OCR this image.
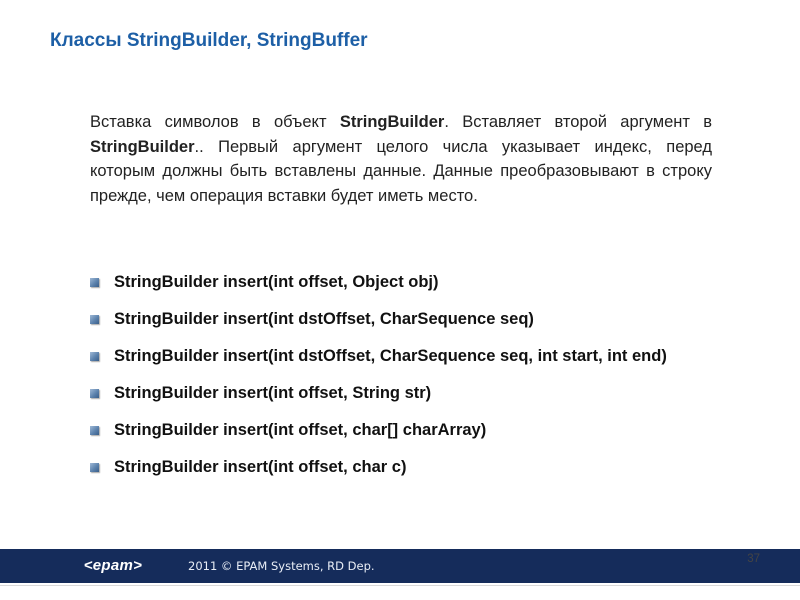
Классы StringBuilder, StringBuffer

Вставка символов в объект StringBuilder. Вставляет второй аргумент в StringBuilder.. Первый аргумент целого числа указывает индекс, перед которым должны быть вставлены данные. Данные преобразовывают в строку прежде, чем операция вставки будет иметь место.

StringBuilder insert(int offset, Object obj)
StringBuilder insert(int dstOffset, CharSequence seq)
StringBuilder insert(int dstOffset, CharSequence seq, int start, int end)
StringBuilder insert(int offset, String str)
StringBuilder insert(int offset, char[] charArray)
StringBuilder insert(int offset, char c)
<epam>	2011 © EPAM Systems, RD Dep.	37
